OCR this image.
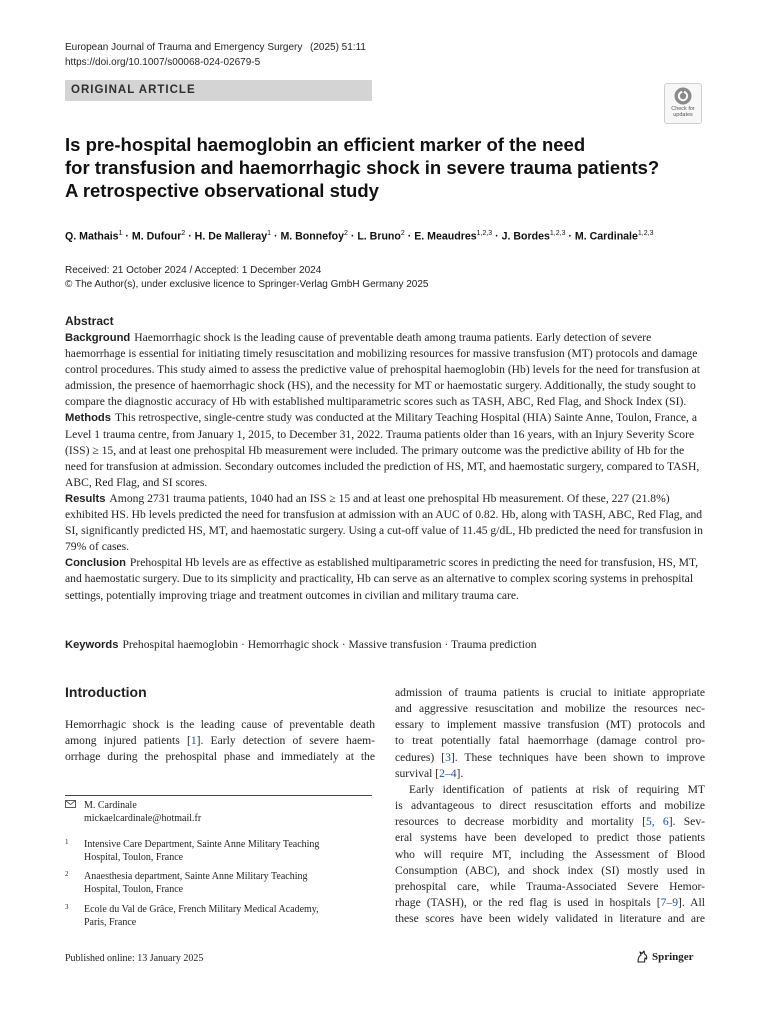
European Journal of Trauma and Emergency Surgery (2025) 51:11
https://doi.org/10.1007/s00068-024-02679-5
ORIGINAL ARTICLE
Check for
updates
Is pre-hospital haemoglobin an efficient marker of the need
for transfusion and haemorrhagic shock in severe trauma patients?
A retrospective observational study
Q. Mathais$^1$ · M. Dufour$^2$ · H. De Malleray$^1$ · M. Bonnefoy$^2$ · L. Bruno$^2$ · E. Meaudres$^{1,2,3}$ · J. Bordes$^{1,2,3}$ · M. Cardinale$^{1,2,3}$
Received: 21 October 2024 / Accepted: 1 December 2024
© The Author(s), under exclusive licence to Springer-Verlag GmbH Germany 2025
Abstract

Background Haemorrhagic shock is the leading cause of preventable death among trauma patients. Early detection of severe haemorrhage is essential for initiating timely resuscitation and mobilizing resources for massive transfusion (MT) protocols and damage control procedures. This study aimed to assess the predictive value of prehospital haemoglobin (Hb) levels for the need for transfusion at admission, the presence of haemorrhagic shock (HS), and the necessity for MT or haemostatic surgery. Additionally, the study sought to compare the diagnostic accuracy of Hb with established multiparametric scores such as TASH, ABC, Red Flag, and Shock Index (SI).

Methods This retrospective, single-centre study was conducted at the Military Teaching Hospital (HIA) Sainte Anne, Toulon, France, a Level 1 trauma centre, from January 1, 2015, to December 31, 2022. Trauma patients older than 16 years, with an Injury Severity Score (ISS) ≥ 15, and at least one prehospital Hb measurement were included. The primary outcome was the predictive ability of Hb for the need for transfusion at admission. Secondary outcomes included the prediction of HS, MT, and haemostatic surgery, compared to TASH, ABC, Red Flag, and SI scores.

Results Among 2731 trauma patients, 1040 had an ISS ≥ 15 and at least one prehospital Hb measurement. Of these, 227 (21.8%) exhibited HS. Hb levels predicted the need for transfusion at admission with an AUC of 0.82. Hb, along with TASH, ABC, Red Flag, and SI, significantly predicted HS, MT, and haemostatic surgery. Using a cut-off value of 11.45 g/dL, Hb predicted the need for transfusion in 79% of cases.

Conclusion Prehospital Hb levels are as effective as established multiparametric scores in predicting the need for transfusion, HS, MT, and haemostatic surgery. Due to its simplicity and practicality, Hb can serve as an alternative to complex scoring systems in prehospital settings, potentially improving triage and treatment outcomes in civilian and military trauma care.

Keywords Prehospital haemoglobin · Hemorrhagic shock · Massive transfusion · Trauma prediction
Introduction
Hemorrhagic shock is the leading cause of preventable death
among injured patients [1]. Early detection of severe haem-
orrhage during the prehospital phase and immediately at the
admission of trauma patients is crucial to initiate appropriate
and aggressive resuscitation and mobilize the resources nec-
essary to implement massive transfusion (MT) protocols and
to treat potentially fatal haemorrhage (damage control pro-
cedures) [3]. These techniques have been shown to improve
survival [2–4].
Early identification of patients at risk of requiring MT
is advantageous to direct resuscitation efforts and mobilize
resources to decrease morbidity and mortality [5, 6]. Sev-
eral systems have been developed to predict those patients
who will require MT, including the Assessment of Blood
Consumption (ABC), and shock index (SI) mostly used in
prehospital care, while Trauma-Associated Severe Hemor-
rhage (TASH), or the red flag is used in hospitals [7–9]. All
these scores have been widely validated in literature and are
M. Cardinale
mickaelcardinale@hotmail.fr
1 Intensive Care Department, Sainte Anne Military Teaching
Hospital, Toulon, France
2 Anaesthesia department, Sainte Anne Military Teaching
Hospital, Toulon, France
3 Ecole du Val de Grâce, French Military Medical Academy,
Paris, France
Published online: 13 January 2025	Springer
